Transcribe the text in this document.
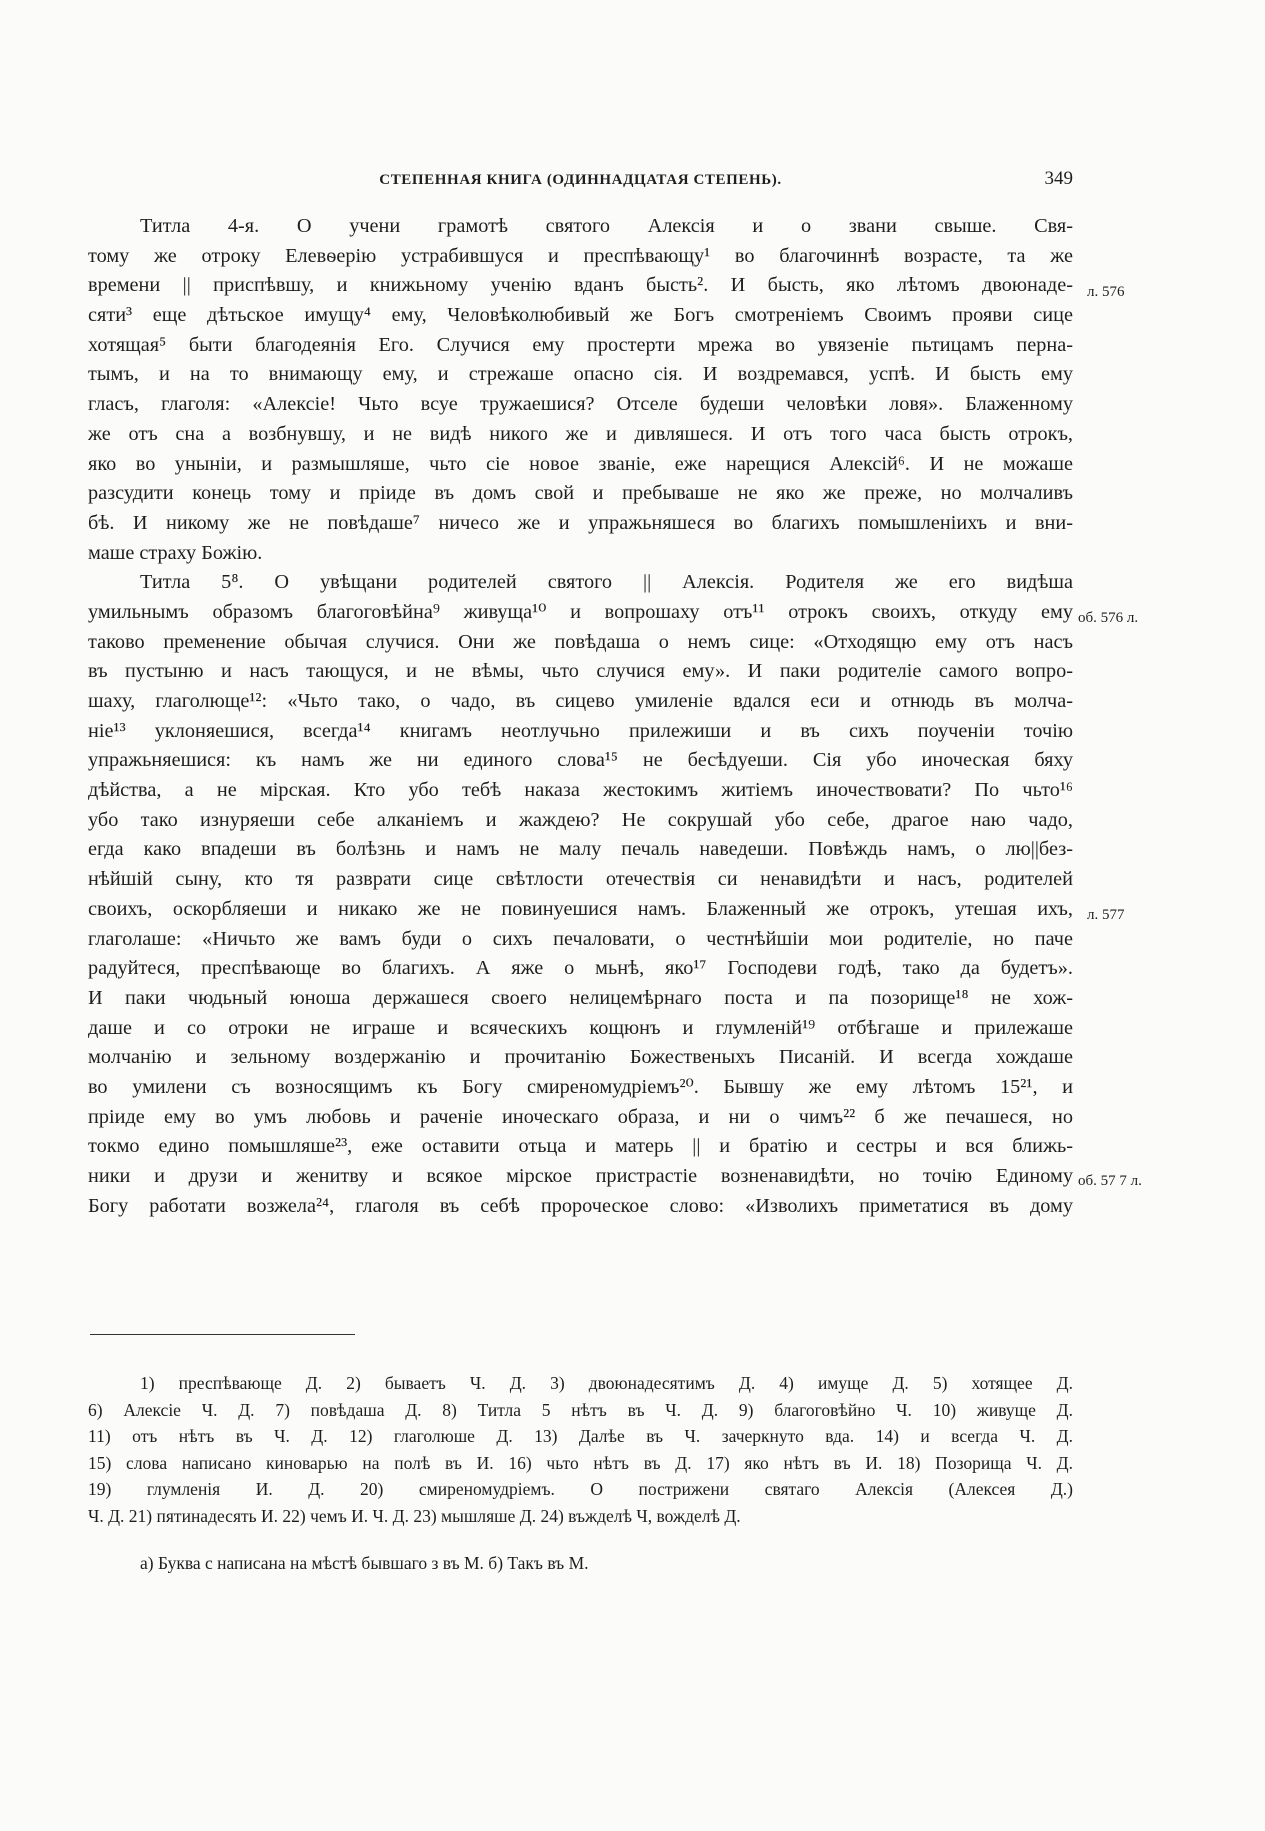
СТЕПЕННАЯ КНИГА (ОДИННАДЦАТАЯ СТЕПЕНЬ).	349
Титла 4-я. О учени грамотѣ святого Алексія и о звани свыше. Свя-
тому же отроку Елевѳерію устрабившуся и преспѣвающу¹ во благочиннѣ возрасте, та же
времени || приспѣвшу, и книжьному ученію вданъ бысть². И бысть, яко лѣтомъ двоюнаде-
сяти³ еще дѣтьское имущу⁴ ему, Человѣколюбивый же Богъ смотреніемъ Своимъ прояви сице
хотящая⁵ быти благодеянія Его. Случися ему простерти мрежа во увязеніе пьтицамъ перна-
тымъ, и на то внимающу ему, и стрежаше опасно сія. И воздремався, успѣ. И бысть ему
гласъ, глаголя: «Алексіе! Чьто всуе тружаешися? Отселе будеши человѣки ловя». Блаженному
же отъ сна а возбнувшу, и не видѣ никого же и дивляшеся. И отъ того часа бысть отрокъ,
яко во унынiи, и размышляше, чьто сіе новое званіе, еже нарещися Алексій⁶. И не можаше
разсудити конець тому и пріиде въ домъ свой и пребываше не яко же преже, но молчаливъ
бѣ. И никому же не повѣдаше⁷ ничесо же и упражьняшеся во благихъ помышленiихъ и вни-
маше страху Божію.
Титла 5⁸. О увѣщани родителей святого || Алексія. Родителя же его видѣша
умильнымъ образомъ благоговѣйна⁹ живуща¹⁰ и вопрошаху отъ¹¹ отрокъ своихъ, откуду ему
таково пременение обычая случися. Они же повѣдаша о немъ сице: «Отходящю ему отъ насъ
въ пустыню и насъ тающуся, и не вѣмы, чьто случися ему». И паки родителіе самого вопро-
шаху, глаголюще¹²: «Чьто тако, о чадо, въ сицево умиленіе вдался еси и отнюдь въ молча-
ніе¹³ уклоняешися, всегда¹⁴ книгамъ неотлучьно прилежиши и въ сихъ поученiи точію
упражьняешися: къ намъ же ни единого слова¹⁵ не бесѣдуеши. Сія убо иноческая бяху
дѣйства, а не мірская. Кто убо тебѣ наказа жестокимъ житіемъ иночествовати? По чьто¹⁶
убо тако изнуряеши себе алканіемъ и жаждею? Не сокрушай убо себе, драгое наю чадо,
егда како впадеши въ болѣзнь и намъ не малу печаль наведеши. Повѣждь намъ, о лю||без-
нѣйшій сыну, кто тя разврати сице свѣтлости отечествія си ненавидѣти и насъ, родителей
своихъ, оскорбляеши и никако же не повинуешися намъ. Блаженный же отрокъ, утешая ихъ,
глаголаше: «Ничьто же вамъ буди о сихъ печаловати, о честнѣйшіи мои родителіе, но паче
радуйтеся, преспѣвающе во благихъ. А яже о мьнѣ, яко¹⁷ Господеви годѣ, тако да будетъ».
И паки чюдьный юноша держашеся своего нелицемѣрнаго поста и па позорище¹⁸ не хож-
даше и со отроки не играше и всяческихъ кощюнъ и глумленій¹⁹ отбѣгаше и прилежаше
молчанію и зельному воздержанію и прочитанію Божественыхъ Писаній. И всегда хождаше
во умилени съ возносящимъ къ Богу смиреномудріемъ²⁰. Бывшу же ему лѣтомъ 15²¹, и
пріиде ему во умъ любовь и раченіе иноческаго образа, и ни о чимъ²² б же печашеся, но
токмо едино помышляше²³, еже оставити отьца и матерь || и братію и сестры и вся ближь-
ники и друзи и женитву и всякое мірское пристрастіе возненавидѣти, но точію Единому
Богу работати возжела²⁴, глаголя въ себѣ пророческое слово: «Изволихъ приметатися въ дому
л. 576
об. 576 л.
л. 577
об. 57 7 л.
1) преспѣвающе Д. 2) бываетъ Ч. Д. 3) двоюнадесятимъ Д. 4) имуще Д. 5) хотящее Д.
6) Алексіе Ч. Д. 7) повѣдаша Д. 8) Титла 5 нѣтъ въ Ч. Д. 9) благоговѣйно Ч. 10) живуще Д.
11) отъ нѣтъ въ Ч. Д. 12) глаголюше Д. 13) Далѣе въ Ч. зачеркнуто вда. 14) и всегда Ч. Д.
15) слова написано киноварью на полѣ въ И. 16) чьто нѣтъ въ Д. 17) яко нѣтъ въ И. 18) Позорища Ч. Д.
19) глумленія И. Д. 20) смиреномудріемъ. О пострижени святаго Алексія (Алексея Д.)
Ч. Д. 21) пятинадесять И. 22) чемъ И. Ч. Д. 23) мышляше Д. 24) въжделѣ Ч, вожделѣ Д.
а) Буква с написана на мѣстѣ бывшаго з въ М. б) Такъ въ М.
